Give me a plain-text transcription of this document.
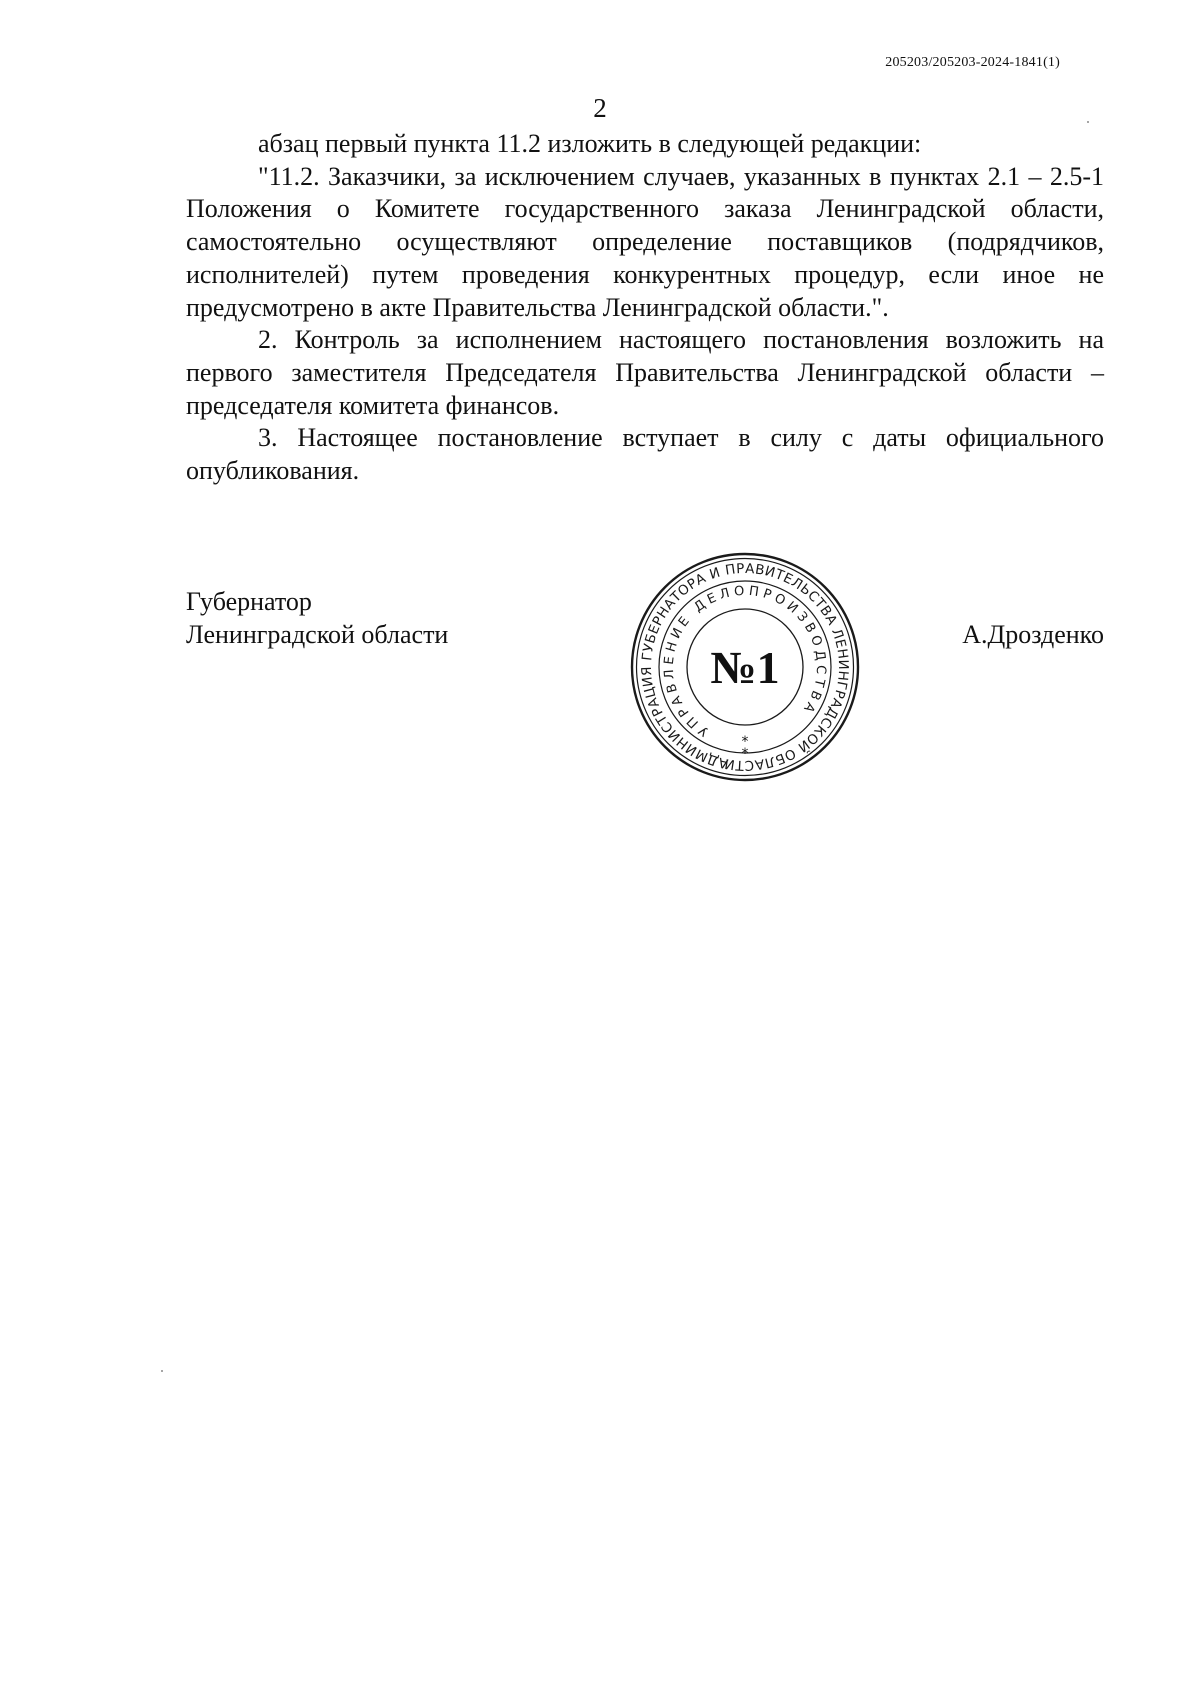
205203/205203-2024-1841(1)
2

абзац первый пункта 11.2 изложить в следующей редакции:

"11.2. Заказчики, за исключением случаев, указанных в пунктах 2.1 – 2.5-1 Положения о Комитете государственного заказа Ленинградской области, самостоятельно осуществляют определение поставщиков (подрядчиков, исполнителей) путем проведения конкурентных процедур, если иное не предусмотрено в акте Правительства Ленинградской области.".

2. Контроль за исполнением настоящего постановления возложить на первого заместителя Председателя Правительства Ленинградской области – председателя комитета финансов.

3. Настоящее постановление вступает в силу с даты официального опубликования.

Губернатор
Ленинградской области
АДМИНИСТРАЦИЯ ГУБЕРНАТОРА И ПРАВИТЕЛЬСТВА ЛЕНИНГРАДСКОЙ ОБЛАСТИ
УПРАВЛЕНИЕ ДЕЛОПРОИЗВОДСТВА
№1
*
*
А.Дрозденко
